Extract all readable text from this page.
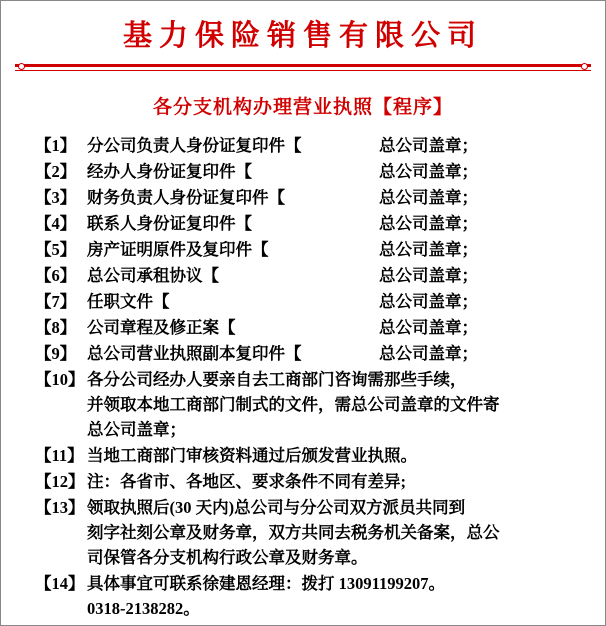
基力保险销售有限公司
各分支机构办理营业执照【程序】
【1】 分公司负责人身份证复印件【	总公司盖章；
【2】 经办人身份证复印件【	总公司盖章；
【3】 财务负责人身份证复印件【	总公司盖章；
【4】 联系人身份证复印件【	总公司盖章；
【5】 房产证明原件及复印件【	总公司盖章；
【6】 总公司承租协议【	总公司盖章；
【7】 任职文件【	总公司盖章；
【8】 公司章程及修正案【	总公司盖章；
【9】 总公司营业执照副本复印件【	总公司盖章；
【10】 各分公司经办人要亲自去工商部门咨询需那些手续，
并领取本地工商部门制式的文件，需总公司盖章的文件寄
总公司盖章；
【11】 当地工商部门审核资料通过后颁发营业执照。
【12】 注：各省市、各地区、要求条件不同有差异;
【13】 领取执照后(30 天内)总公司与分公司双方派员共同到
刻字社刻公章及财务章，双方共同去税务机关备案，总公
司保管各分支机构行政公章及财务章。
【14】 具体事宜可联系徐建恩经理：拨打 13091199207。
0318-2138282。
